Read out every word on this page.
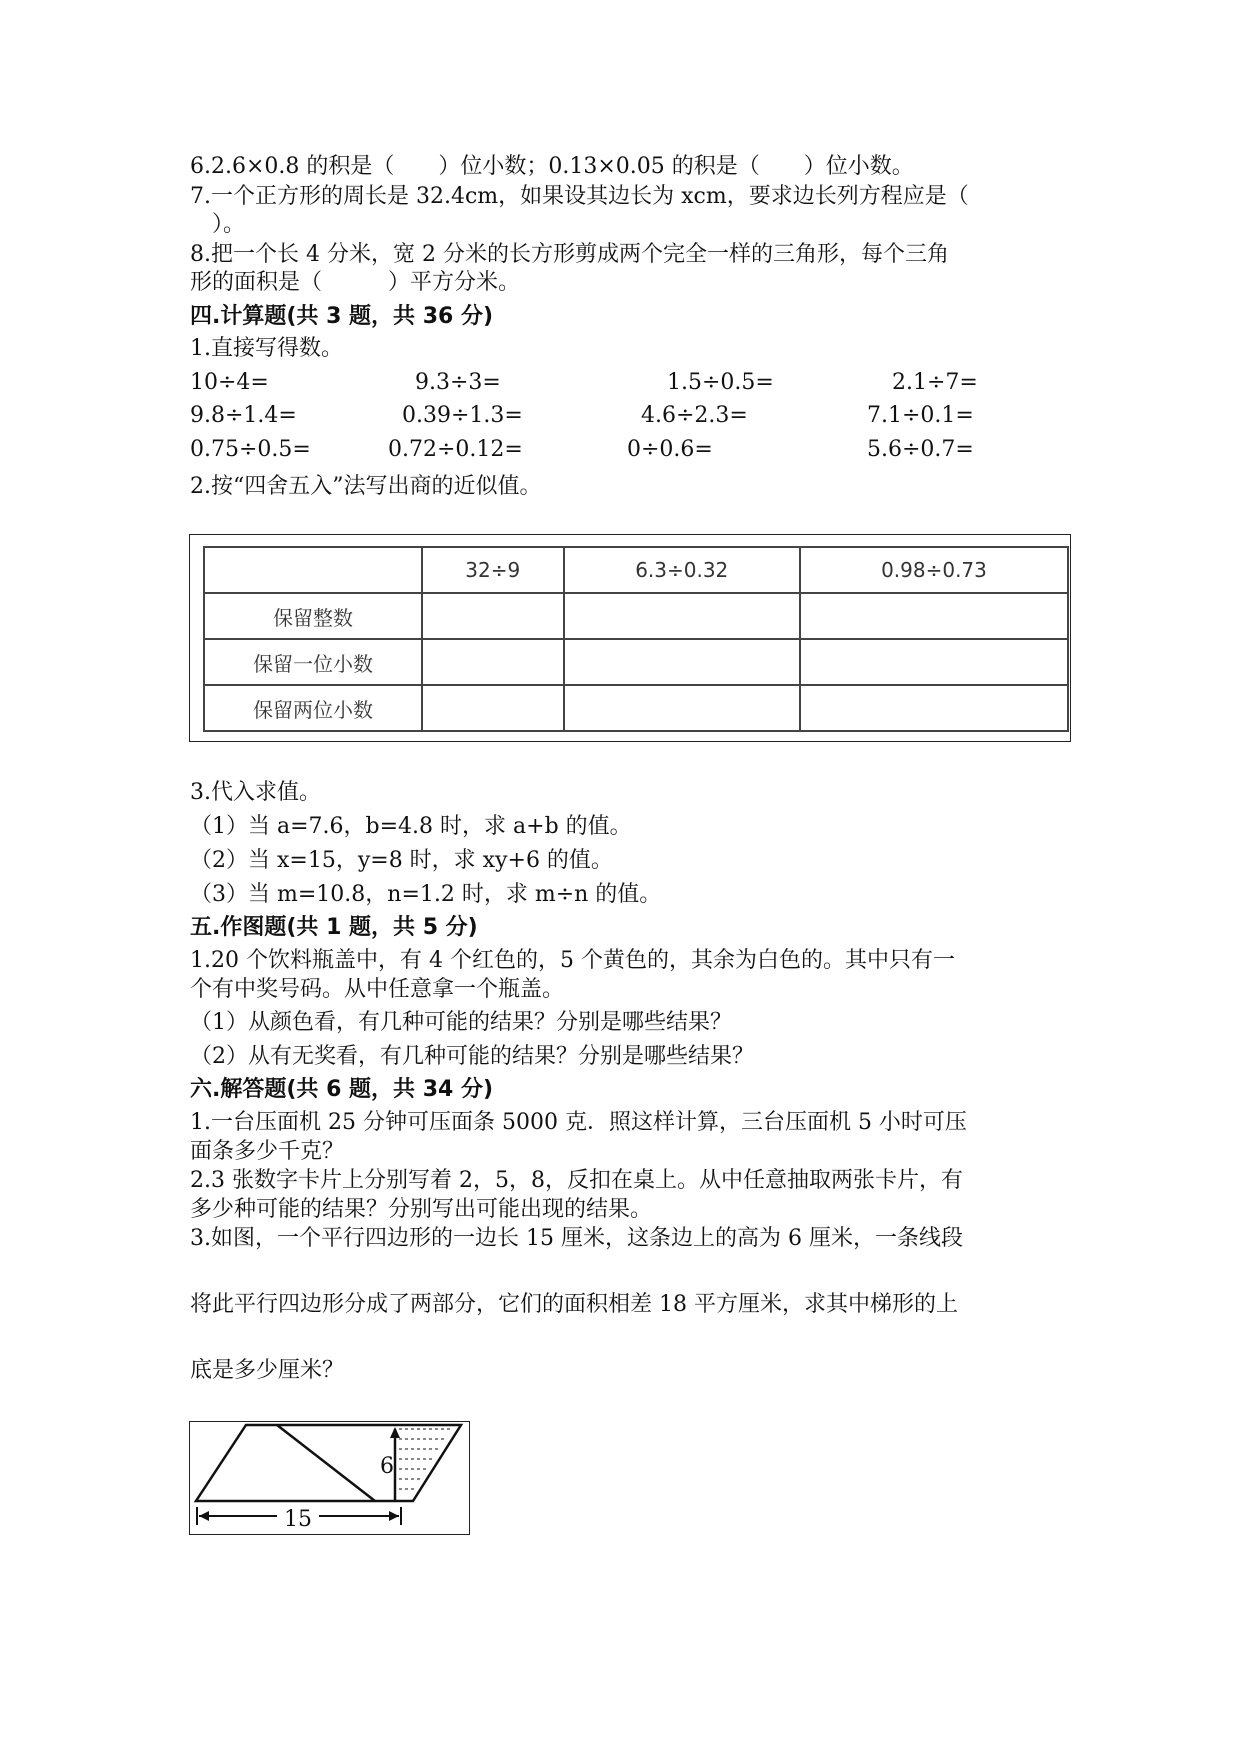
6.2.6×0.8 的积是（　　）位小数；0.13×0.05 的积是（　　）位小数。
7.一个正方形的周长是 32.4cm，如果设其边长为 xcm，要求边长列方程应是（
　）。
8.把一个长 4 分米，宽 2 分米的长方形剪成两个完全一样的三角形，每个三角
形的面积是（　　　）平方分米。
四.计算题(共 3 题，共 36 分)
1.直接写得数。
10÷4=	9.3÷3=	1.5÷0.5=	2.1÷7=
9.8÷1.4=	0.39÷1.3=	4.6÷2.3=	7.1÷0.1=
0.75÷0.5=	0.72÷0.12=	0÷0.6=	5.6÷0.7=
2.按“四舍五入”法写出商的近似值。
	32÷9	6.3÷0.32	0.98÷0.73
保留整数			
保留一位小数			
保留两位小数			
3.代入求值。
（1）当 a=7.6，b=4.8 时，求 a+b 的值。
（2）当 x=15，y=8 时，求 xy+6 的值。
（3）当 m=10.8，n=1.2 时，求 m÷n 的值。
五.作图题(共 1 题，共 5 分)
1.20 个饮料瓶盖中，有 4 个红色的，5 个黄色的，其余为白色的。其中只有一
个有中奖号码。从中任意拿一个瓶盖。
（1）从颜色看，有几种可能的结果？分别是哪些结果？
（2）从有无奖看，有几种可能的结果？分别是哪些结果？
六.解答题(共 6 题，共 34 分)
1.一台压面机 25 分钟可压面条 5000 克．照这样计算，三台压面机 5 小时可压
面条多少千克？
2.3 张数字卡片上分别写着 2，5，8，反扣在桌上。从中任意抽取两张卡片，有
多少种可能的结果？分别写出可能出现的结果。
3.如图，一个平行四边形的一边长 15 厘米，这条边上的高为 6 厘米，一条线段
将此平行四边形分成了两部分，它们的面积相差 18 平方厘米，求其中梯形的上
底是多少厘米？
15
6
